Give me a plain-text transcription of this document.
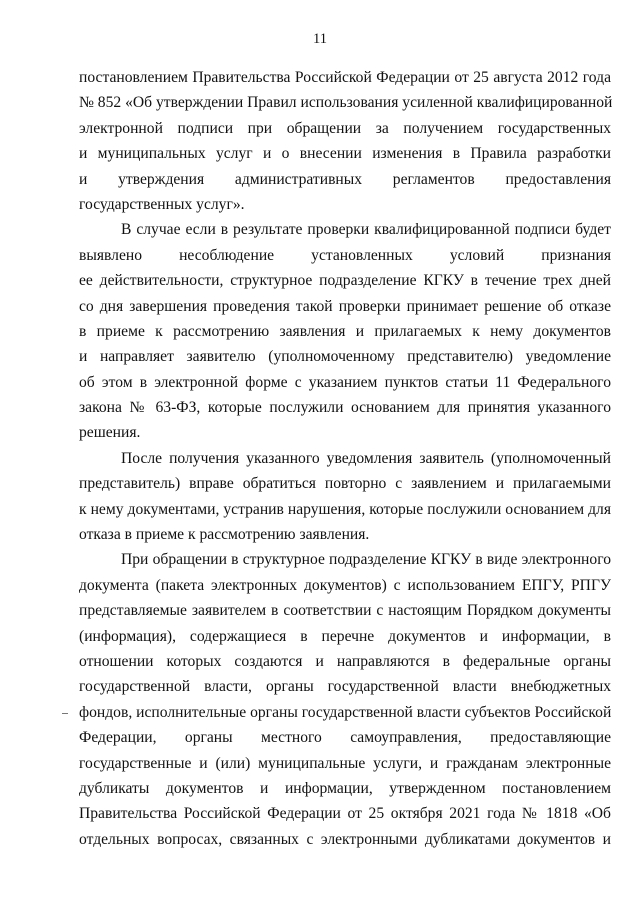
11
постановлением Правительства Российской Федерации от 25 августа 2012 года
№ 852 «Об утверждении Правил использования усиленной квалифицированной
электронной подписи при обращении за получением государственных
и муниципальных услуг и о внесении изменения в Правила разработки
и утверждения административных регламентов предоставления
государственных услуг».
В случае если в результате проверки квалифицированной подписи будет
выявлено несоблюдение установленных условий признания
ее действительности, структурное подразделение КГКУ в течение трех дней
со дня завершения проведения такой проверки принимает решение об отказе
в приеме к рассмотрению заявления и прилагаемых к нему документов
и направляет заявителю (уполномоченному представителю) уведомление
об этом в электронной форме с указанием пунктов статьи 11 Федерального
закона № 63-ФЗ, которые послужили основанием для принятия указанного
решения.
После получения указанного уведомления заявитель (уполномоченный
представитель) вправе обратиться повторно с заявлением и прилагаемыми
к нему документами, устранив нарушения, которые послужили основанием для
отказа в приеме к рассмотрению заявления.
При обращении в структурное подразделение КГКУ в виде электронного
документа (пакета электронных документов) с использованием ЕПГУ, РПГУ
представляемые заявителем в соответствии с настоящим Порядком документы
(информация), содержащиеся в перечне документов и информации, в
отношении которых создаются и направляются в федеральные органы
государственной власти, органы государственной власти внебюджетных
фондов, исполнительные органы государственной власти субъектов Российской
Федерации, органы местного самоуправления, предоставляющие
государственные и (или) муниципальные услуги, и гражданам электронные
дубликаты документов и информации, утвержденном постановлением
Правительства Российской Федерации от 25 октября 2021 года № 1818 «Об
отдельных вопросах, связанных с электронными дубликатами документов и
